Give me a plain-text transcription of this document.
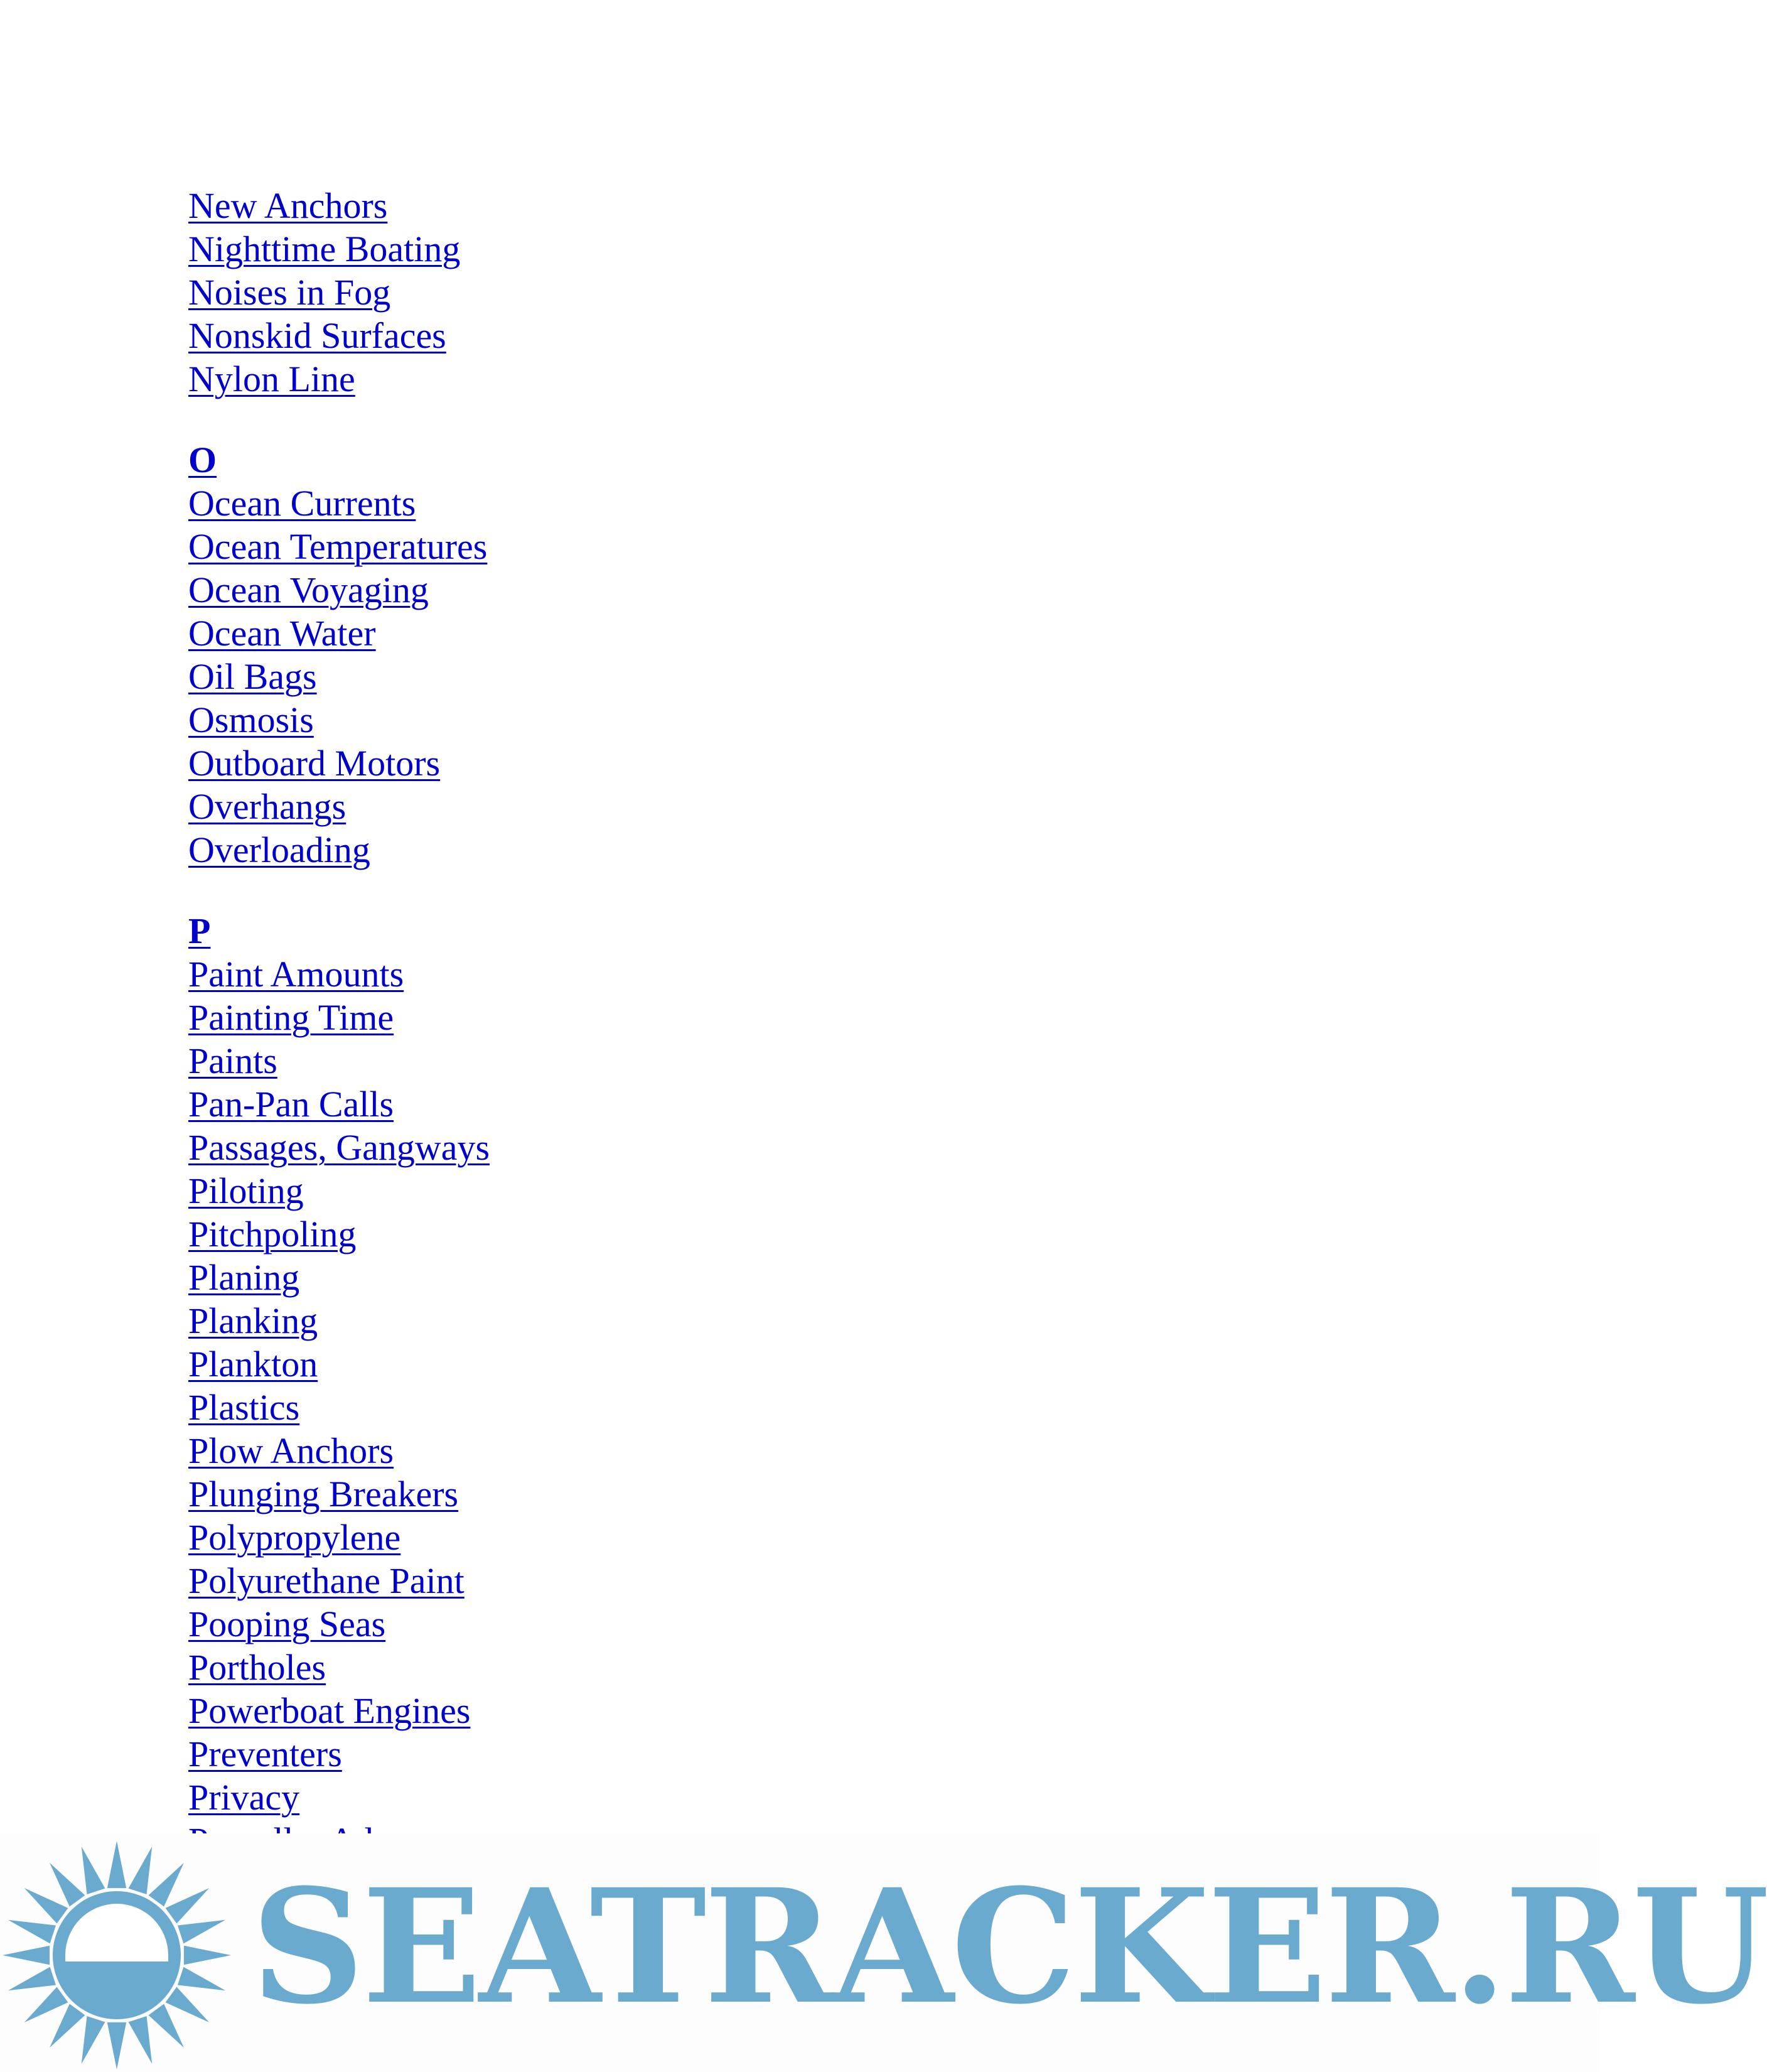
New Anchors
Nighttime Boating
Noises in Fog
Nonskid Surfaces
Nylon Line
O
Ocean Currents
Ocean Temperatures
Ocean Voyaging
Ocean Water
Oil Bags
Osmosis
Outboard Motors
Overhangs
Overloading
P
Paint Amounts
Painting Time
Paints
Pan-Pan Calls
Passages, Gangways
Piloting
Pitchpoling
Planing
Planking
Plankton
Plastics
Plow Anchors
Plunging Breakers
Polypropylene
Polyurethane Paint
Pooping Seas
Portholes
Powerboat Engines
Preventers
Privacy
SEATRACKER.RU
